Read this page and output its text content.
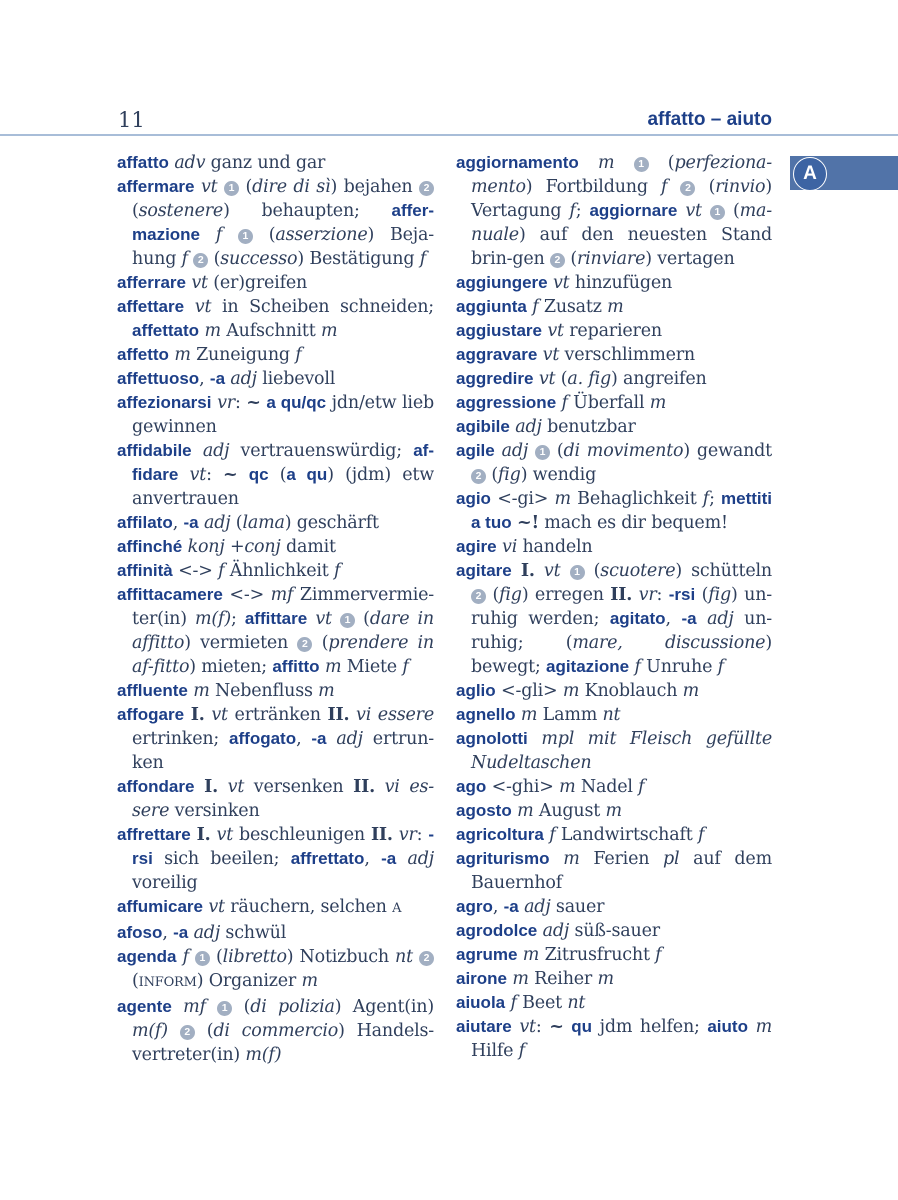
11	affatto – aiuto
A

affatto adv ganz und gar

affermare vt 1 (dire di sì) bejahen 2 (sostenere) behaupten; affer-mazione f 1 (asserzione) Beja-hung f 2 (successo) Bestätigung f

afferrare vt (er)greifen

affettare vt in Scheiben schneiden; affettato m Aufschnitt m

affetto m Zuneigung f

affettuoso, -a adj liebevoll

affezionarsi vr: ~ a qu/qc jdn/etw lieb gewinnen

affidabile adj vertrauenswürdig; af-fidare vt: ~ qc (a qu) (jdm) etw anvertrauen

affilato, -a adj (lama) geschärft

affinché konj +conj damit

affinità <-> f Ähnlichkeit f

affittacamere <-> mf Zimmervermie-ter(in) m(f); affittare vt 1 (dare in affitto) vermieten 2 (prendere in af-fitto) mieten; affitto m Miete f

affluente m Nebenfluss m

affogare I. vt ertränken II. vi essere ertrinken; affogato, -a adj ertrun-ken

affondare I. vt versenken II. vi es-sere versinken

affrettare I. vt beschleunigen II. vr: -rsi sich beeilen; affrettato, -a adj voreilig

affumicare vt räuchern, selchen A

afoso, -a adj schwül

agenda f 1 (libretto) Notizbuch nt 2 (INFORM) Organizer m

agente mf 1 (di polizia) Agent(in) m(f) 2 (di commercio) Handels-vertreter(in) m(f)

aggiornamento m 1 (perfeziona-mento) Fortbildung f 2 (rinvio) Vertagung f; aggiornare vt 1 (ma-nuale) auf den neuesten Stand brin-gen 2 (rinviare) vertagen

aggiungere vt hinzufügen

aggiunta f Zusatz m

aggiustare vt reparieren

aggravare vt verschlimmern

aggredire vt (a. fig) angreifen

aggressione f Überfall m

agibile adj benutzbar

agile adj 1 (di movimento) gewandt 2 (fig) wendig

agio <-gi> m Behaglichkeit f; mettiti a tuo ~! mach es dir bequem!

agire vi handeln

agitare I. vt 1 (scuotere) schütteln 2 (fig) erregen II. vr: -rsi (fig) un-ruhig werden; agitato, -a adj un-ruhig; (mare, discussione) bewegt; agitazione f Unruhe f

aglio <-gli> m Knoblauch m

agnello m Lamm nt

agnolotti mpl mit Fleisch gefüllte Nudeltaschen

ago <-ghi> m Nadel f

agosto m August m

agricoltura f Landwirtschaft f

agriturismo m Ferien pl auf dem Bauernhof

agro, -a adj sauer

agrodolce adj süß-sauer

agrume m Zitrusfrucht f

airone m Reiher m

aiuola f Beet nt

aiutare vt: ~ qu jdm helfen; aiuto m Hilfe f
